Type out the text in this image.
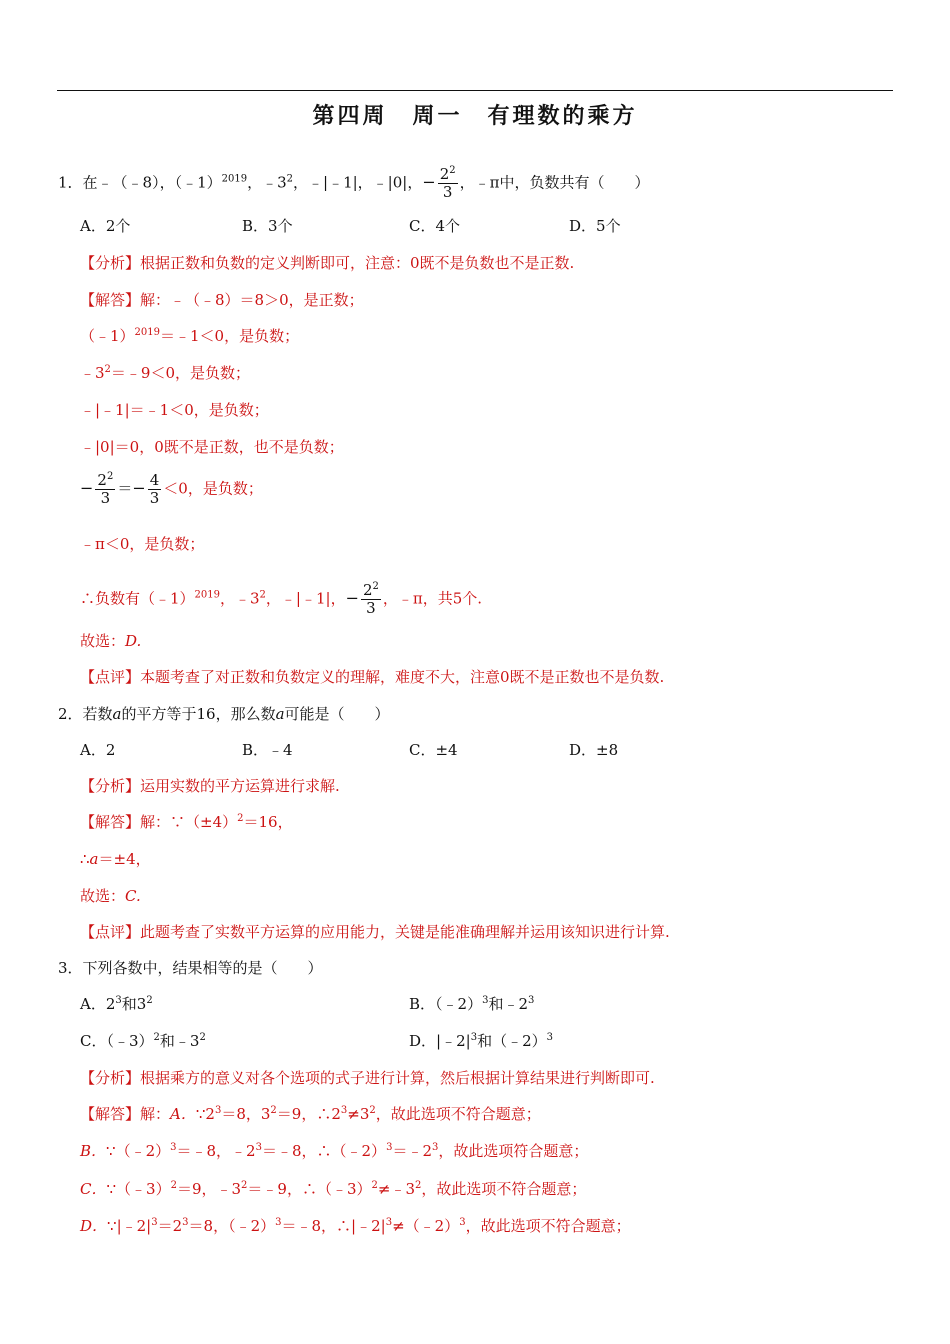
第四周　周一　有理数的乘方
1．在﹣（﹣8），（﹣1）$^{2019}$，$﹣3^2$，﹣|﹣1|，﹣|0|，− $\frac{2^2}{3}$ ，﹣π中，负数共有（　　）
A．2个	B．3个	C．4个	D．5个
【分析】根据正数和负数的定义判断即可，注意：0既不是负数也不是正数.
【解答】解：﹣（﹣8）＝8＞0，是正数；
（﹣1）$^{2019}$＝﹣1＜0，是负数；
$﹣3^2=﹣9<0$，是负数；
﹣|﹣1|＝﹣1＜0，是负数；
﹣|0|＝0，0既不是正数，也不是负数；
− $\frac{2^2}{3} =- \frac{4}{3} <0$，是负数；
﹣π＜0，是负数；
∴负数有（﹣1）$^{2019}$，$﹣3^2$，﹣|﹣1|，− $\frac{2^2}{3}$ ，﹣π，共5个.
故选：D.
【点评】本题考查了对正数和负数定义的理解，难度不大，注意0既不是正数也不是负数.
2．若数a的平方等于16，那么数a可能是（　　）
A．2	B．﹣4	C．±4	D．±8
【分析】运用实数的平方运算进行求解.
【解答】解：$\because(\pm 4)^2=16$，
∴a＝±4，
故选：C.
【点评】此题考查了实数平方运算的应用能力，关键是能准确理解并运用该知识进行计算.
3．下列各数中，结果相等的是（　　）
A．$2^3$和$3^2$	B．（﹣2）$^3$和$﹣2^3$
C．（﹣3）$^2$和$﹣3^2$	D．$|﹣2|^3$和（﹣2）$^3$
【分析】根据乘方的意义对各个选项的式子进行计算，然后根据计算结果进行判断即可.
【解答】解：A．$\because 2^3=8$，$3^2=9$，$\therefore 2^3\ne 3^2$，故此选项不符合题意；
B．∵（﹣2）$^3$＝﹣8，$﹣2^3=﹣8$，$\therefore(﹣2)^3=﹣2^3$，故此选项符合题意；
C．∵（﹣3）$^2$＝9，$﹣3^2=﹣9$，$\therefore(﹣3)^2\ne﹣3^2$，故此选项不符合题意；
D．$\because|﹣2|^3=2^3=8$，（﹣2）$^3$＝﹣8，$\therefore|﹣2|^3\ne(﹣2)^3$，故此选项不符合题意；
